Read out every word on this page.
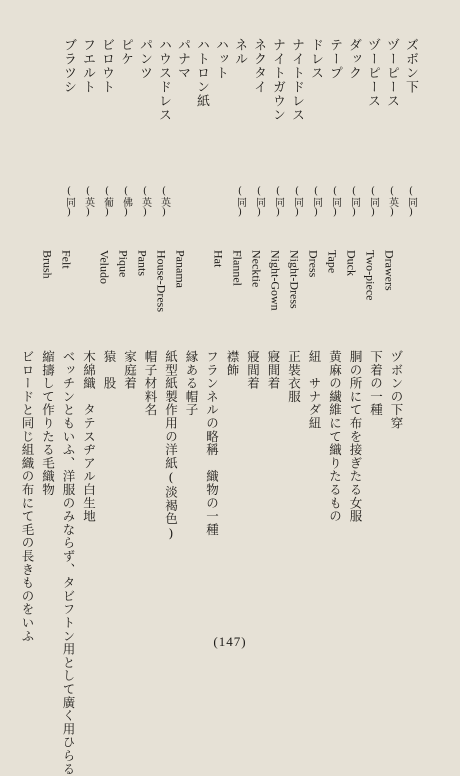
ズボン下
(同)
ヅーピース
(英)
ヅーピース
(同)
ダック
(同)
テープ
(同)
ドレス
(同)
ナイトドレス
(同)
ナイトガウン
(同)
ネクタイ
(同)
ネル
(同)
ハット
ハトロン紙
パナマ
ハウスドレス
(英)
パンツ
(英)
ピケ
(佛)
ビロウト
(葡)
フエルト
(英)
ブラツシ
(同)
Drawers
Two-piece
Duck
Tape
Dress
Night-Dress
Night-Gown
Necktie
Flannel
Hat
Panama
House-Dress
Pants
Pique
Veludo
Felt
Brush
ヅボンの下穿
下着の一種
胴の所にて布を接ぎたる女服
黄麻の繊維にて織りたるもの
紐　サナダ紐
正裝衣服
寢間着
寢間着
襟飾
フランネルの略稱　織物の一種
縁ある帽子
紙型紙製作用の洋紙(淡褐色)
帽子材料名
家庭着
猿　股
木綿織　タテスヂアル白生地
ベッチンともいふ、洋服のみならず、タビフトン用として廣く用ひらる
縮擣して作りたる毛織物
ビロードと同じ組織の布にて毛の長きものをいふ	(147)
